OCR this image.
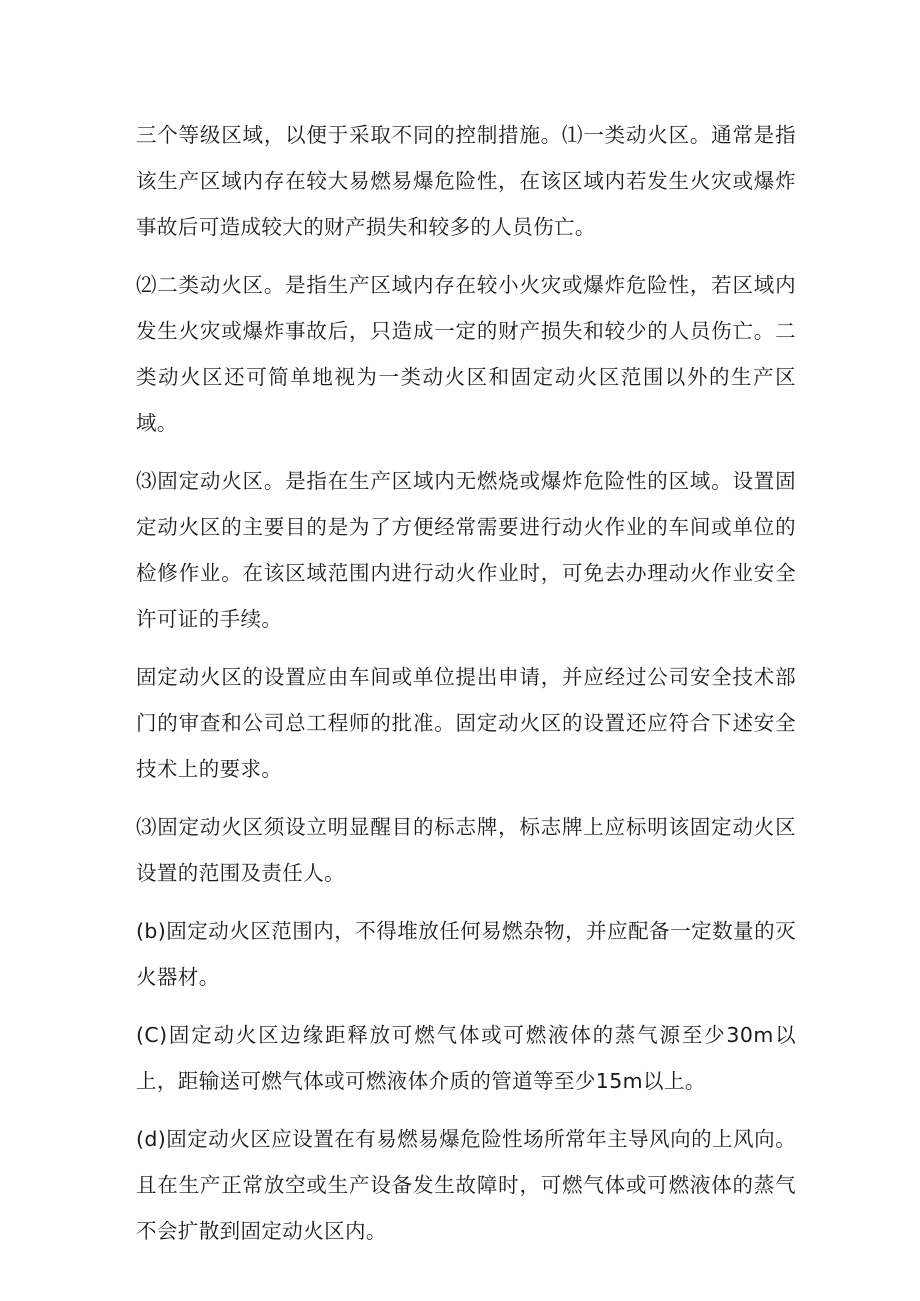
三个等级区域，以便于采取不同的控制措施。⑴一类动火区。通常是指该生产区域内存在较大易燃易爆危险性，在该区域内若发生火灾或爆炸事故后可造成较大的财产损失和较多的人员伤亡。

⑵二类动火区。是指生产区域内存在较小火灾或爆炸危险性，若区域内发生火灾或爆炸事故后，只造成一定的财产损失和较少的人员伤亡。二类动火区还可简单地视为一类动火区和固定动火区范围以外的生产区域。

⑶固定动火区。是指在生产区域内无燃烧或爆炸危险性的区域。设置固定动火区的主要目的是为了方便经常需要进行动火作业的车间或单位的检修作业。在该区域范围内进行动火作业时，可免去办理动火作业安全许可证的手续。

固定动火区的设置应由车间或单位提出申请，并应经过公司安全技术部门的审查和公司总工程师的批准。固定动火区的设置还应符合下述安全技术上的要求。

⑶固定动火区须设立明显醒目的标志牌，标志牌上应标明该固定动火区设置的范围及责任人。

(b)固定动火区范围内，不得堆放任何易燃杂物，并应配备一定数量的灭火器材。

(C)固定动火区边缘距释放可燃气体或可燃液体的蒸气源至少30m以上，距输送可燃气体或可燃液体介质的管道等至少15m以上。

(d)固定动火区应设置在有易燃易爆危险性场所常年主导风向的上风向。且在生产正常放空或生产设备发生故障时，可燃气体或可燃液体的蒸气不会扩散到固定动火区内。
